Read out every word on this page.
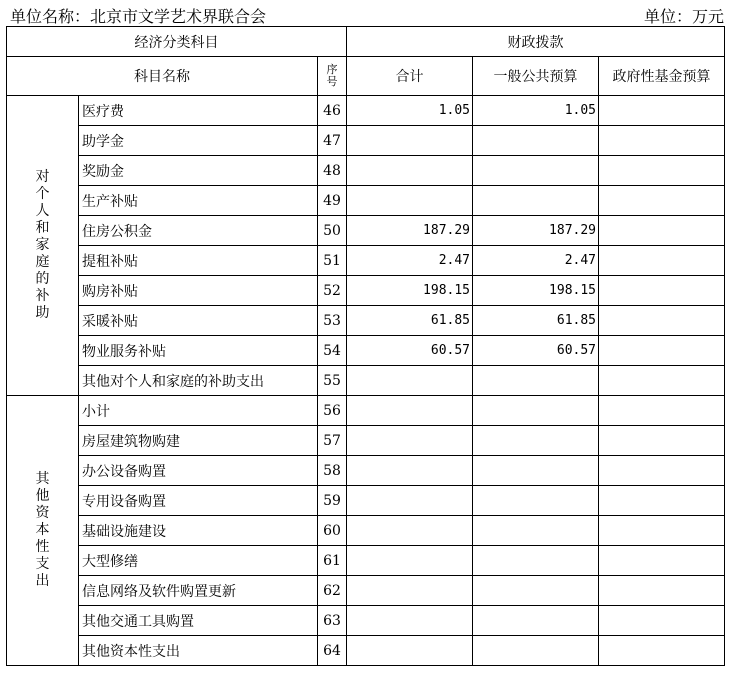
单位名称：北京市文学艺术界联合会	单位：万元
经济分类科目			财政拨款		
科目名称		序号	合计	一般公共预算	政府性基金预算
对个人和家庭的补助	医疗费	46	1.05	1.05	
	助学金	47			
	奖励金	48			
	生产补贴	49			
	住房公积金	50	187.29	187.29	
	提租补贴	51	2.47	2.47	
	购房补贴	52	198.15	198.15	
	采暖补贴	53	61.85	61.85	
	物业服务补贴	54	60.57	60.57	
	其他对个人和家庭的补助支出	55			
其他资本性支出	小计	56			
	房屋建筑物购建	57			
	办公设备购置	58			
	专用设备购置	59			
	基础设施建设	60			
	大型修缮	61			
	信息网络及软件购置更新	62			
	其他交通工具购置	63			
	其他资本性支出	64			
